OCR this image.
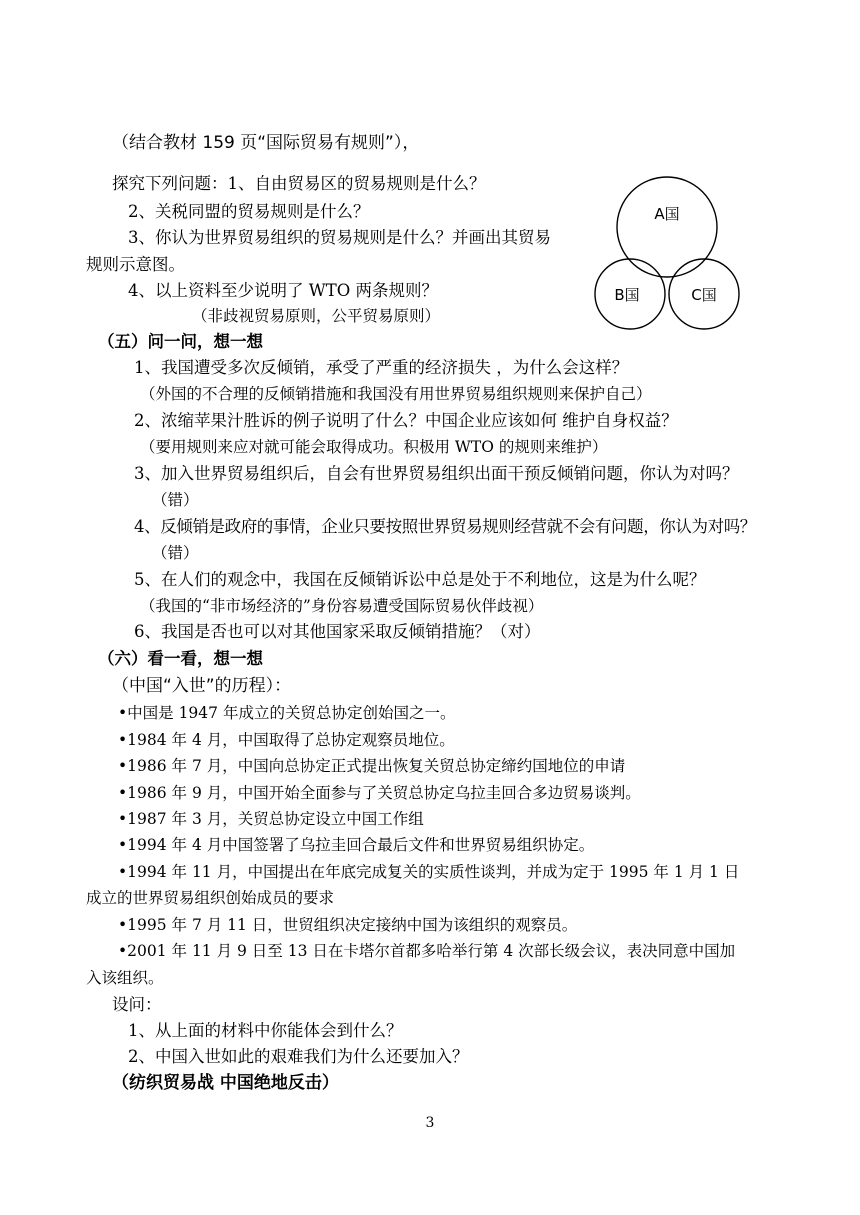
（结合教材 159 页“国际贸易有规则”），
探究下列问题：1、自由贸易区的贸易规则是什么？
2、关税同盟的贸易规则是什么？
3、你认为世界贸易组织的贸易规则是什么？并画出其贸易
规则示意图。
4、以上资料至少说明了 WTO 两条规则？
（非歧视贸易原则，公平贸易原则）
A国
B国	C国
（五）问一问，想一想
1、我国遭受多次反倾销，承受了严重的经济损失 ，为什么会这样？
（外国的不合理的反倾销措施和我国没有用世界贸易组织规则来保护自己）
2、浓缩苹果汁胜诉的例子说明了什么？中国企业应该如何 维护自身权益？
（要用规则来应对就可能会取得成功。积极用 WTO 的规则来维护）
3、加入世界贸易组织后，自会有世界贸易组织出面干预反倾销问题，你认为对吗？
（错）
4、反倾销是政府的事情，企业只要按照世界贸易规则经营就不会有问题，你认为对吗？
（错）
5、在人们的观念中，我国在反倾销诉讼中总是处于不利地位，这是为什么呢？
（我国的“非市场经济的”身份容易遭受国际贸易伙伴歧视）
6、我国是否也可以对其他国家采取反倾销措施？（对）
（六）看一看，想一想
（中国“入世”的历程）：
•中国是 1947 年成立的关贸总协定创始国之一。
•1984 年 4 月，中国取得了总协定观察员地位。
•1986 年 7 月，中国向总协定正式提出恢复关贸总协定缔约国地位的申请
•1986 年 9 月，中国开始全面参与了关贸总协定乌拉圭回合多边贸易谈判。
•1987 年 3 月，关贸总协定设立中国工作组
•1994 年 4 月中国签署了乌拉圭回合最后文件和世界贸易组织协定。
•1994 年 11 月，中国提出在年底完成复关的实质性谈判，并成为定于 1995 年 1 月 1 日
成立的世界贸易组织创始成员的要求
•1995 年 7 月 11 日，世贸组织决定接纳中国为该组织的观察员。
•2001 年 11 月 9 日至 13 日在卡塔尔首都多哈举行第 4 次部长级会议，表决同意中国加
入该组织。
设问：
1、从上面的材料中你能体会到什么？
2、中国入世如此的艰难我们为什么还要加入？
（纺织贸易战 中国绝地反击）
3
